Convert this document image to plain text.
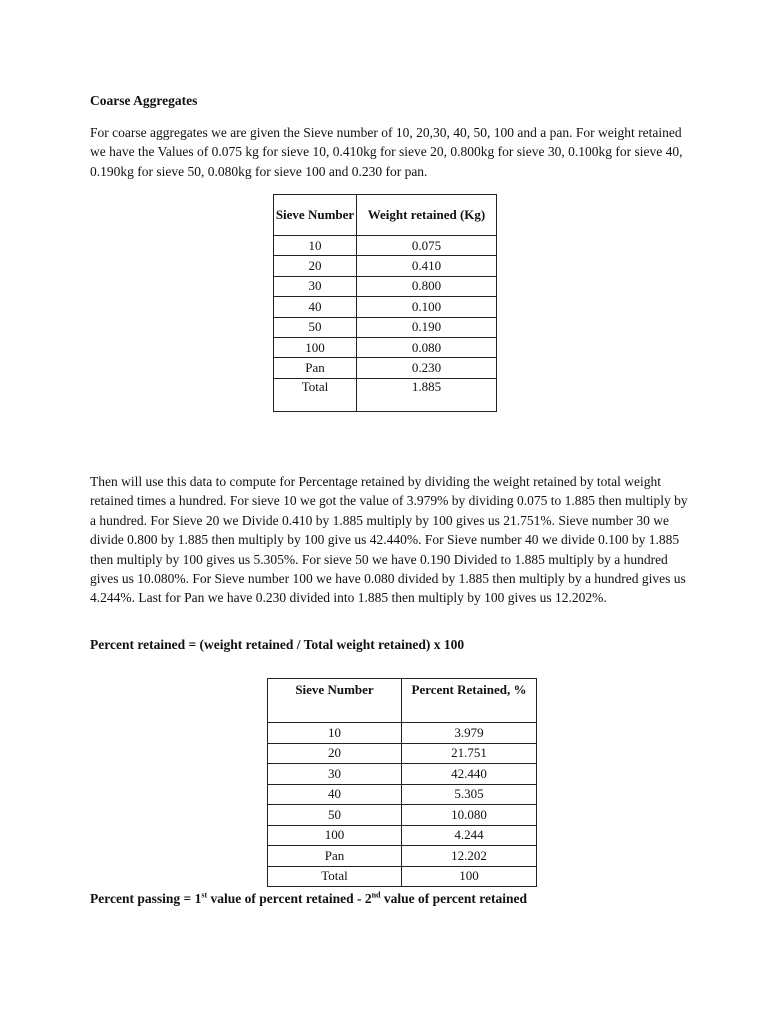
Coarse Aggregates
For coarse aggregates we are given the Sieve number of 10, 20,30, 40, 50, 100 and a pan. For weight retained we have the Values of 0.075 kg for sieve 10, 0.410kg for sieve 20, 0.800kg for sieve 30, 0.100kg for sieve 40, 0.190kg for sieve 50, 0.080kg for sieve 100 and 0.230 for pan.
Sieve Number	Weight retained (Kg)
10	0.075
20	0.410
30	0.800
40	0.100
50	0.190
100	0.080
Pan	0.230
Total	1.885
Then will use this data to compute for Percentage retained by dividing the weight retained by total weight retained times a hundred. For sieve 10 we got the value of 3.979% by dividing 0.075 to 1.885 then multiply by a hundred. For Sieve 20 we Divide 0.410 by 1.885 multiply by 100 gives us 21.751%. Sieve number 30 we divide 0.800 by 1.885 then multiply by 100 give us 42.440%. For Sieve number 40 we divide 0.100 by 1.885 then multiply by 100 gives us 5.305%. For sieve 50 we have 0.190 Divided to 1.885 multiply by a hundred gives us 10.080%. For Sieve number 100 we have 0.080 divided by 1.885 then multiply by a hundred gives us 4.244%. Last for Pan we have 0.230 divided into 1.885 then multiply by 100 gives us 12.202%.
Percent retained = (weight retained / Total weight retained) x 100
Sieve Number	Percent Retained, %
10	3.979
20	21.751
30	42.440
40	5.305
50	10.080
100	4.244
Pan	12.202
Total	100
Percent passing = 1st value of percent retained - 2nd value of percent retained
